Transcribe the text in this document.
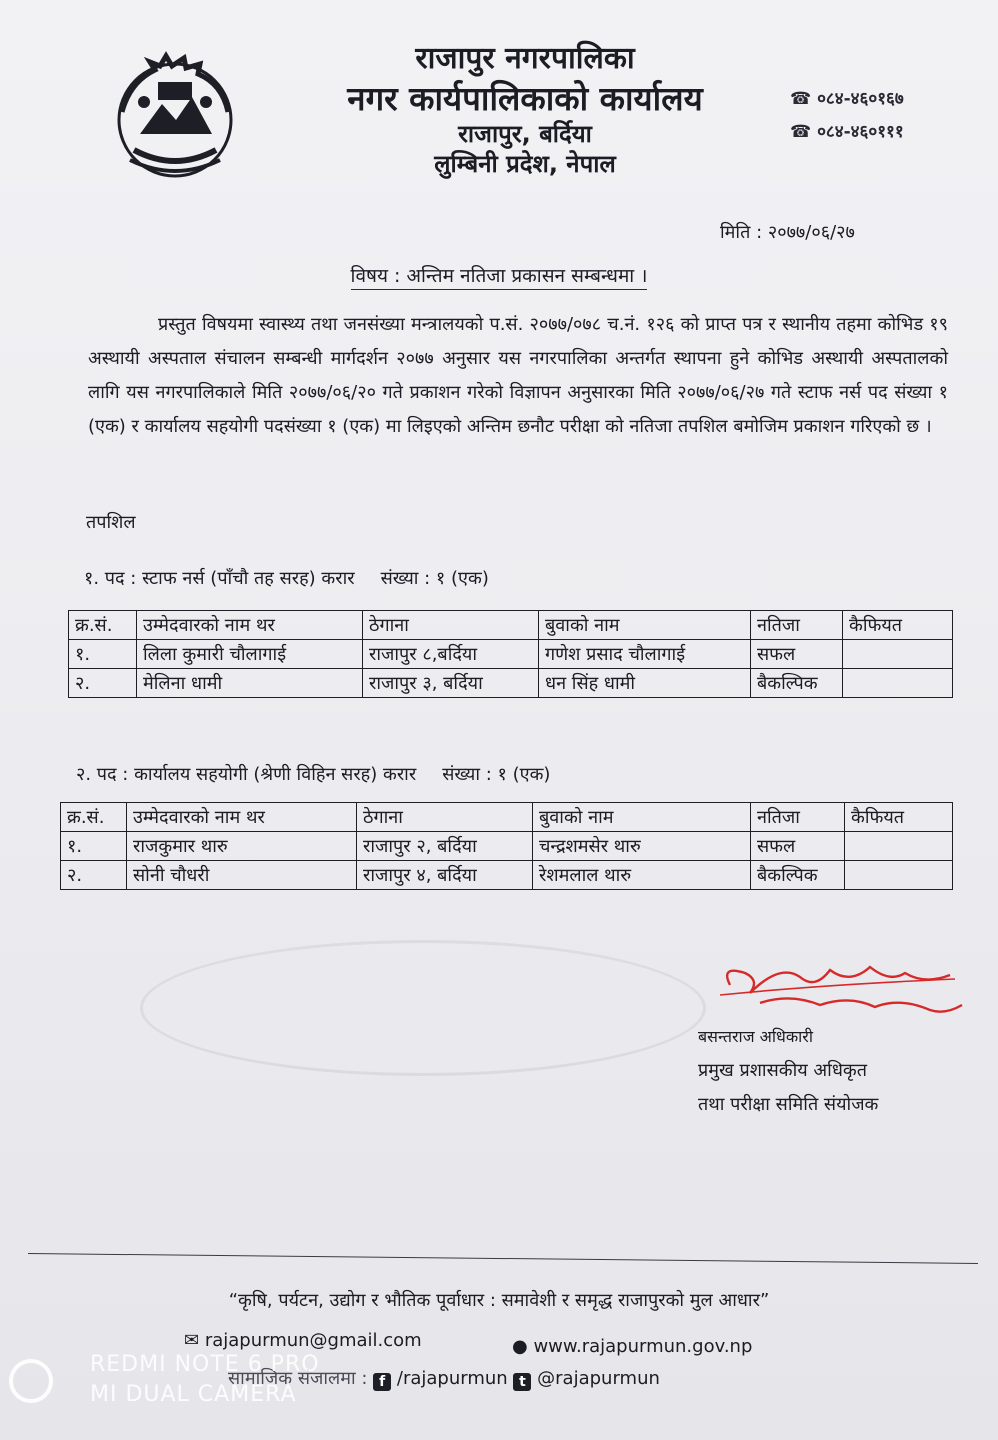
राजापुर नगरपालिका
नगर कार्यपालिकाको कार्यालय
राजापुर, बर्दिया
लुम्बिनी प्रदेश, नेपाल
☎ ०८४-४६०१६७
☎ ०८४-४६०१११
मिति : २०७७/०६/२७
विषय : अन्तिम नतिजा प्रकासन सम्बन्धमा ।
प्रस्तुत विषयमा स्वास्थ्य तथा जनसंख्या मन्त्रालयको प.सं. २०७७/०७८ च.नं. १२६ को प्राप्त पत्र र स्थानीय तहमा कोभिड १९ अस्थायी अस्पताल संचालन सम्बन्धी मार्गदर्शन २०७७ अनुसार यस नगरपालिका अन्तर्गत स्थापना हुने कोभिड अस्थायी अस्पतालको लागि यस नगरपालिकाले मिति २०७७/०६/२० गते प्रकाशन गरेको विज्ञापन अनुसारका मिति २०७७/०६/२७ गते स्टाफ नर्स पद संख्या १ (एक) र कार्यालय सहयोगी पदसंख्या १ (एक) मा लिइएको अन्तिम छनौट परीक्षा को नतिजा तपशिल बमोजिम प्रकाशन गरिएको छ ।
तपशिल
१. पद : स्टाफ नर्स (पाँचौ तह सरह) करार संख्या : १ (एक)
क्र.सं.	उम्मेदवारको नाम थर	ठेगाना	बुवाको नाम	नतिजा	कैफियत
१.	लिला कुमारी चौलागाई	राजापुर ८,बर्दिया	गणेश प्रसाद चौलागाई	सफल	
२.	मेलिना धामी	राजापुर ३, बर्दिया	धन सिंह धामी	बैकल्पिक	
२. पद : कार्यालय सहयोगी (श्रेणी विहिन सरह) करार संख्या : १ (एक)
क्र.सं.	उम्मेदवारको नाम थर	ठेगाना	बुवाको नाम	नतिजा	कैफियत
१.	राजकुमार थारु	राजापुर २, बर्दिया	चन्द्रशमसेर थारु	सफल	
२.	सोनी चौधरी	राजापुर ४, बर्दिया	रेशमलाल थारु	बैकल्पिक	
बसन्तराज अधिकारी
प्रमुख प्रशासकीय अधिकृत
तथा परीक्षा समिति संयोजक
“कृषि, पर्यटन, उद्योग र भौतिक पूर्वाधार : समावेशी र समृद्ध राजापुरको मुल आधार”
✉ rajapurmun@gmail.com	● www.rajapurmun.gov.np
सामाजिक संजालमा : f /rajapurmun t @rajapurmun
REDMI NOTE 6 PRO
MI DUAL CAMERA
